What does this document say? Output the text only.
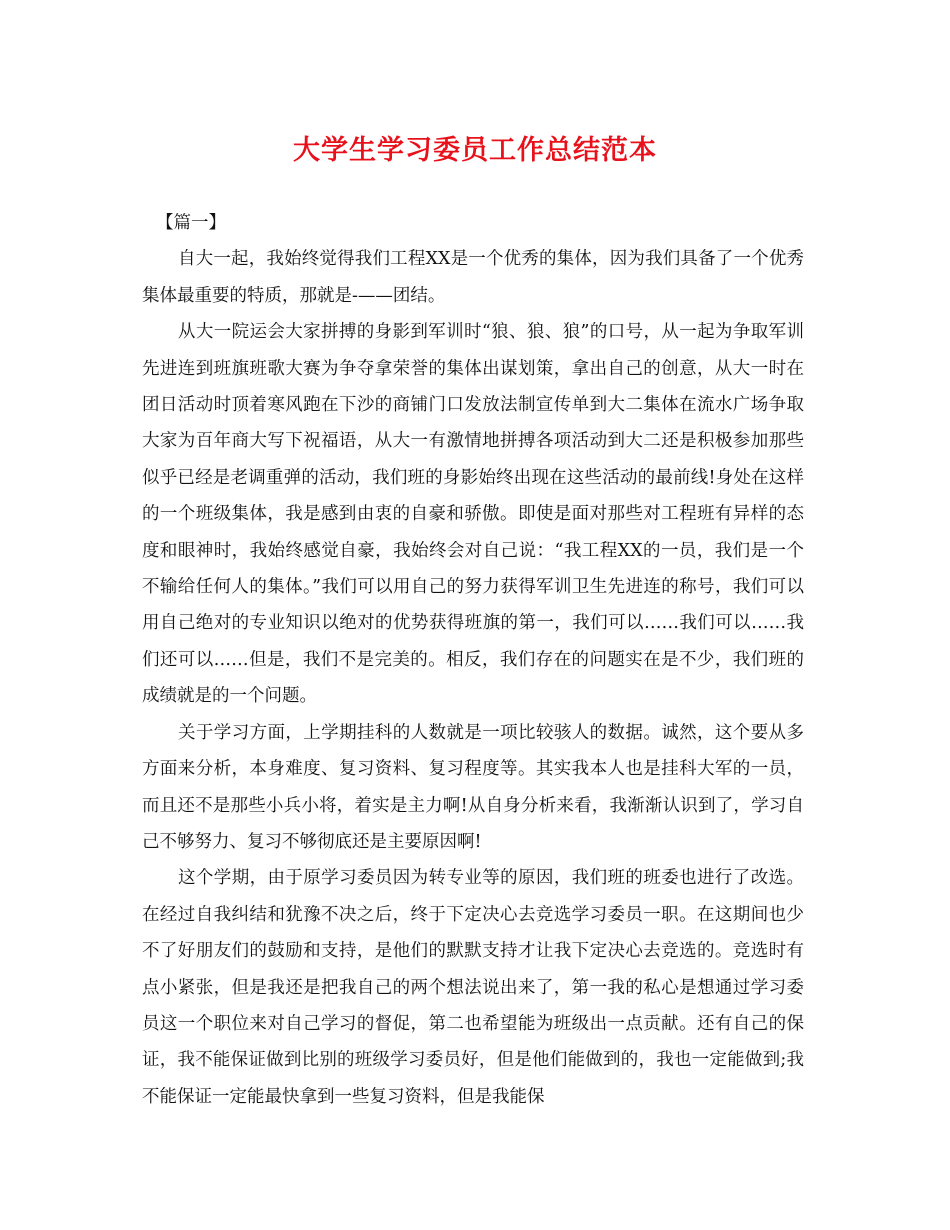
大学生学习委员工作总结范本

【篇一】

自大一起，我始终觉得我们工程XX是一个优秀的集体，因为我们具备了一个优秀集体最重要的特质，那就是-——团结。

从大一院运会大家拼搏的身影到军训时“狼、狼、狼”的口号，从一起为争取军训先进连到班旗班歌大赛为争夺拿荣誉的集体出谋划策，拿出自己的创意，从大一时在团日活动时顶着寒风跑在下沙的商铺门口发放法制宣传单到大二集体在流水广场争取大家为百年商大写下祝福语，从大一有激情地拼搏各项活动到大二还是积极参加那些似乎已经是老调重弹的活动，我们班的身影始终出现在这些活动的最前线!身处在这样的一个班级集体，我是感到由衷的自豪和骄傲。即使是面对那些对工程班有异样的态度和眼神时，我始终感觉自豪，我始终会对自己说：“我工程XX的一员，我们是一个不输给任何人的集体。”我们可以用自己的努力获得军训卫生先进连的称号，我们可以用自己绝对的专业知识以绝对的优势获得班旗的第一，我们可以……我们可以……我们还可以……但是，我们不是完美的。相反，我们存在的问题实在是不少，我们班的成绩就是的一个问题。

关于学习方面，上学期挂科的人数就是一项比较骇人的数据。诚然，这个要从多方面来分析，本身难度、复习资料、复习程度等。其实我本人也是挂科大军的一员，而且还不是那些小兵小将，着实是主力啊!从自身分析来看，我渐渐认识到了，学习自己不够努力、复习不够彻底还是主要原因啊!

这个学期，由于原学习委员因为转专业等的原因，我们班的班委也进行了改选。在经过自我纠结和犹豫不决之后，终于下定决心去竞选学习委员一职。在这期间也少不了好朋友们的鼓励和支持，是他们的默默支持才让我下定决心去竞选的。竞选时有点小紧张，但是我还是把我自己的两个想法说出来了，第一我的私心是想通过学习委员这一个职位来对自己学习的督促，第二也希望能为班级出一点贡献。还有自己的保证，我不能保证做到比别的班级学习委员好，但是他们能做到的，我也一定能做到;我不能保证一定能最快拿到一些复习资料，但是我能保
